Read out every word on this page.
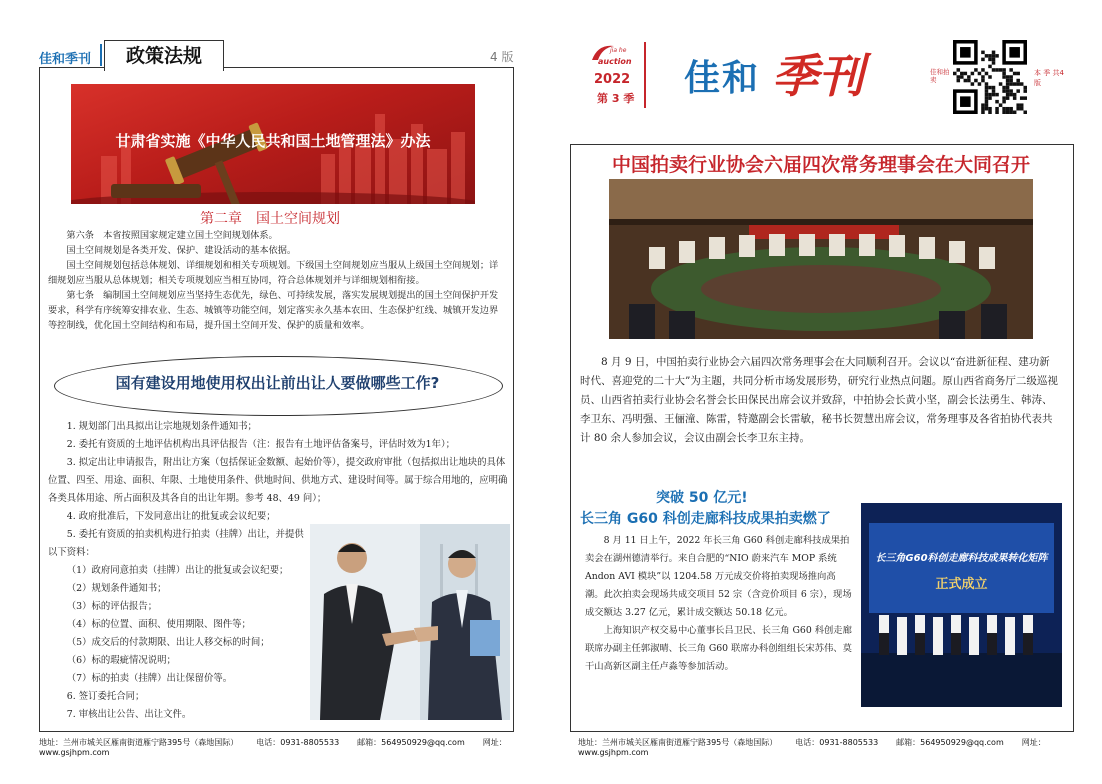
佳和季刊	政策法规	4 版
甘肃省实施《中华人民共和国土地管理法》办法
第二章　国土空间规划
第六条　本省按照国家规定建立国土空间规划体系。
国土空间规划是各类开发、保护、建设活动的基本依据。
国土空间规划包括总体规划、详细规划和相关专项规划。下级国土空间规划应当服从上级国土空间规划；详细规划应当服从总体规划；相关专项规划应当相互协同，符合总体规划并与详细规划相衔接。
第七条　编制国土空间规划应当坚持生态优先，绿色、可持续发展，落实发展规划提出的国土空间保护开发要求，科学有序统筹安排农业、生态、城镇等功能空间，划定落实永久基本农田、生态保护红线、城镇开发边界等控制线，优化国土空间结构和布局，提升国土空间开发、保护的质量和效率。
国有建设用地使用权出让前出让人要做哪些工作?
1. 规划部门出具拟出让宗地规划条件通知书；
2. 委托有资质的土地评估机构出具评估报告（注：报告有土地评估备案号，评估时效为1年）；
3. 拟定出让申请报告，附出让方案（包括保证金数额、起始价等），提交政府审批（包括拟出让地块的具体位置、四至、用途、面积、年限、土地使用条件、供地时间、供地方式、建设时间等。属于综合用地的，应明确各类具体用途、所占面积及其各自的出让年期。参考 48、49 问）；
4. 政府批准后，下发同意出让的批复或会议纪要；
5. 委托有资质的拍卖机构进行拍卖（挂牌）出让，并提供以下资料：
（1）政府同意拍卖（挂牌）出让的批复或会议纪要；
（2）规划条件通知书；
（3）标的评估报告；
（4）标的位置、面积、使用期限、图件等；
（5）成交后的付款期限、出让人移交标的时间；
（6）标的瑕疵情况说明；
（7）标的拍卖（挂牌）出让保留价等。
6. 签订委托合同；
7. 审核出让公告、出让文件。
地址：兰州市城关区雁南街道雁宁路395号（森地国际） 电话：0931-8805533 邮箱：564950929@qq.com 网址：www.gsjhpm.com
jia he
auction
2022
第 3 季 佳和 季刊	佳和拍卖
本 季 共4 版
中国拍卖行业协会六届四次常务理事会在大同召开
8 月 9 日，中国拍卖行业协会六届四次常务理事会在大同顺利召开。会议以“奋进新征程、建功新时代、喜迎党的二十大”为主题，共同分析市场发展形势，研究行业热点问题。原山西省商务厅二级巡视员、山西省拍卖行业协会名誉会长田保民出席会议并致辞，中拍协会长黄小坚，副会长法勇生、韩涛、李卫东、冯明强、王俪潼、陈雷，特邀副会长雷敏，秘书长贺慧出席会议，常务理事及各省拍协代表共计 80 余人参加会议，会议由副会长李卫东主持。
突破 50 亿元!
长三角 G60 科创走廊科技成果拍卖燃了
8 月 11 日上午，2022 年长三角 G60 科创走廊科技成果拍卖会在湖州德清举行。来自合肥的“NIO 蔚来汽车 MOP 系统 Andon AVI 模块”以 1204.58 万元成交价将拍卖现场推向高潮。此次拍卖会现场共成交项目 52 宗（含竞价项目 6 宗），现场成交额达 3.27 亿元，累计成交额达 50.18 亿元。
上海知识产权交易中心董事长吕卫民、长三角 G60 科创走廊联席办副主任郭淑晴、长三角 G60 联席办科创组组长宋苏伟、莫干山高新区副主任卢淼等参加活动。
长三角G60科创走廊科技成果转化矩阵
正式成立
地址：兰州市城关区雁南街道雁宁路395号（森地国际） 电话：0931-8805533 邮箱：564950929@qq.com 网址：www.gsjhpm.com
